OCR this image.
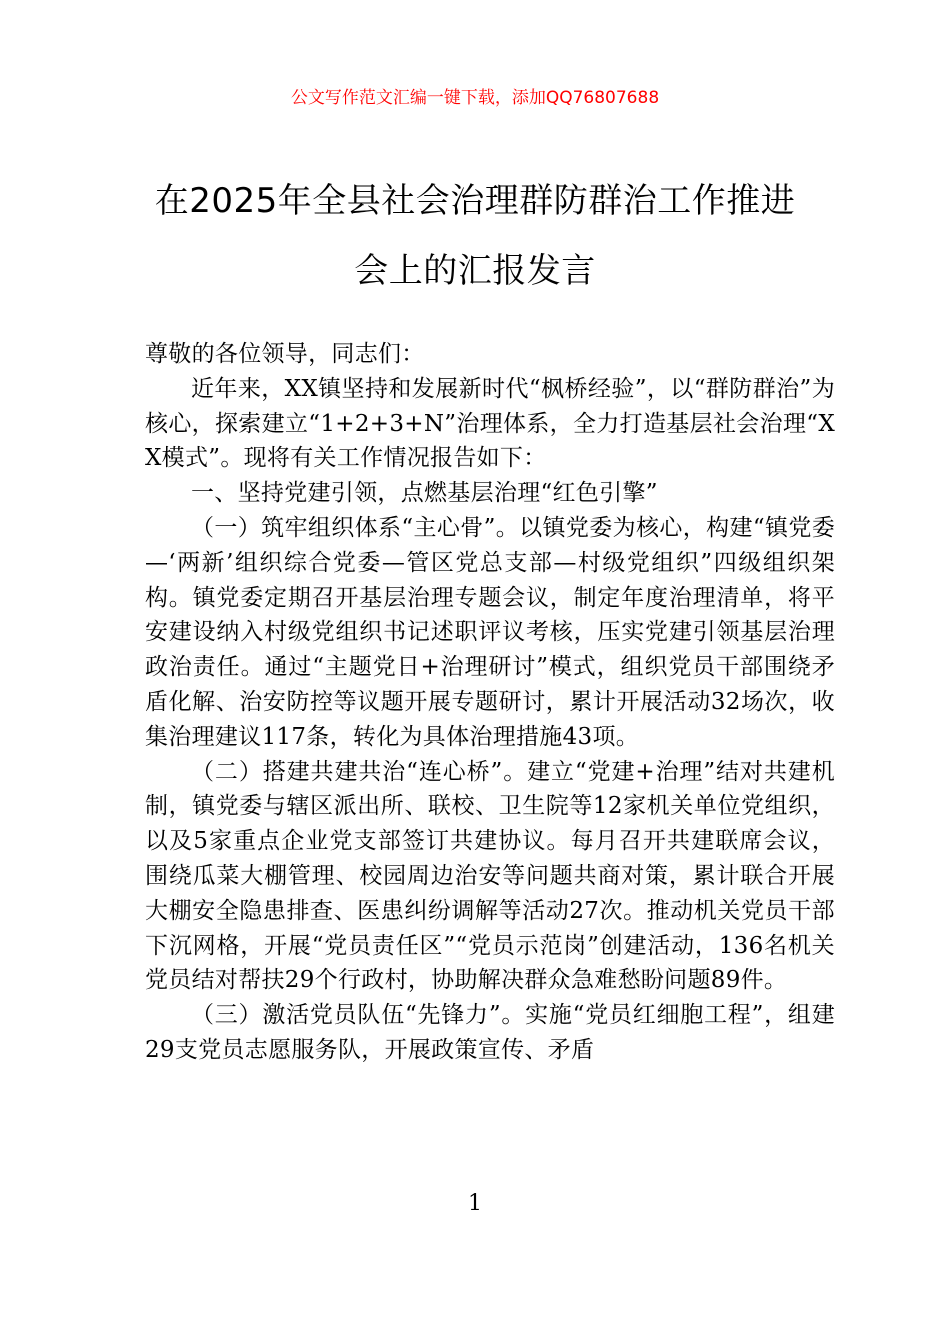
公文写作范文汇编一键下载，添加QQ76807688

在2025年全县社会治理群防群治工作推进
会上的汇报发言

尊敬的各位领导，同志们：

近年来，XX镇坚持和发展新时代“枫桥经验”，以“群防群治”为核心，探索建立“1+2+3+N”治理体系，全力打造基层社会治理“XX模式”。现将有关工作情况报告如下：

一、坚持党建引领，点燃基层治理“红色引擎”

（一）筑牢组织体系“主心骨”。以镇党委为核心，构建“镇党委—‘两新’组织综合党委—管区党总支部—村级党组织”四级组织架构。镇党委定期召开基层治理专题会议，制定年度治理清单，将平安建设纳入村级党组织书记述职评议考核，压实党建引领基层治理政治责任。通过“主题党日+治理研讨”模式，组织党员干部围绕矛盾化解、治安防控等议题开展专题研讨，累计开展活动32场次，收集治理建议117条，转化为具体治理措施43项。

（二）搭建共建共治“连心桥”。建立“党建+治理”结对共建机制，镇党委与辖区派出所、联校、卫生院等12家机关单位党组织，以及5家重点企业党支部签订共建协议。每月召开共建联席会议，围绕瓜菜大棚管理、校园周边治安等问题共商对策，累计联合开展大棚安全隐患排查、医患纠纷调解等活动27次。推动机关党员干部下沉网格，开展“党员责任区”“党员示范岗”创建活动，136名机关党员结对帮扶29个行政村，协助解决群众急难愁盼问题89件。

（三）激活党员队伍“先锋力”。实施“党员红细胞工程”，组建29支党员志愿服务队，开展政策宣传、矛盾

1
